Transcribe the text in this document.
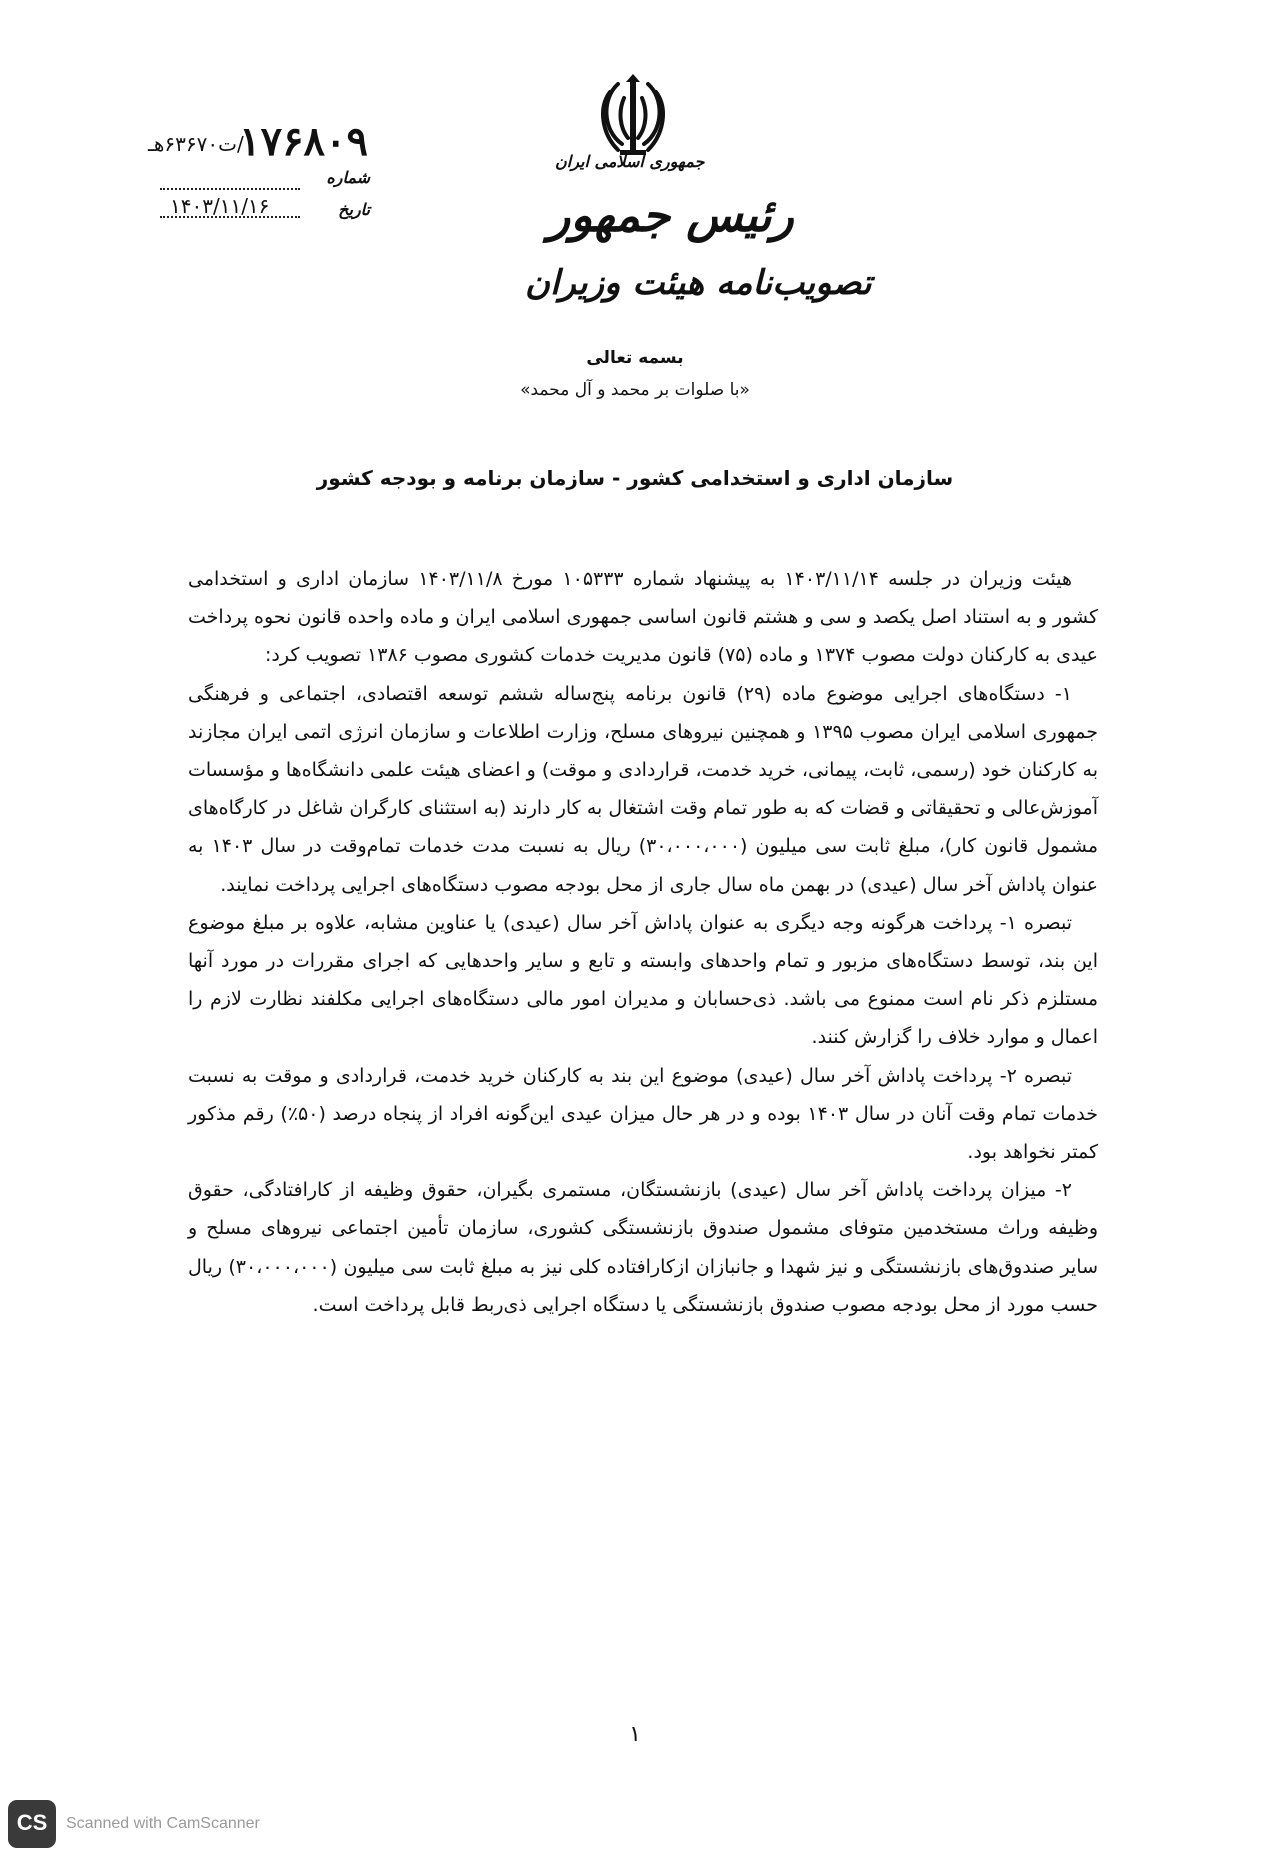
جمهوری اسلامی ایران
رئیس جمهور
تصویب‌نامه هیئت وزیران
۱۷۶۸۰۹
/ت۶۳۶۷۰هـ
شماره
تاریخ
۱۴۰۳/۱۱/۱۶
بسمه تعالی
«با صلوات بر محمد و آل محمد»
سازمان اداری و استخدامی کشور - سازمان برنامه و بودجه کشور

هیئت وزیران در جلسه ۱۴۰۳/۱۱/۱۴ به پیشنهاد شماره ۱۰۵۳۳۳ مورخ ۱۴۰۳/۱۱/۸ سازمان اداری و استخدامی کشور و به استناد اصل یکصد و سی و هشتم قانون اساسی جمهوری اسلامی ایران و ماده واحده قانون نحوه پرداخت عیدی به کارکنان دولت مصوب ۱۳۷۴ و ماده (۷۵) قانون مدیریت خدمات کشوری مصوب ۱۳۸۶ تصویب کرد:

۱- دستگاه‌های اجرایی موضوع ماده (۲۹) قانون برنامه پنج‌ساله ششم توسعه اقتصادی، اجتماعی و فرهنگی جمهوری اسلامی ایران مصوب ۱۳۹۵ و همچنین نیروهای مسلح، وزارت اطلاعات و سازمان انرژی اتمی ایران مجازند به کارکنان خود (رسمی، ثابت، پیمانی، خرید خدمت، قراردادی و موقت) و اعضای هیئت علمی دانشگاه‌ها و مؤسسات آموزش‌عالی و تحقیقاتی و قضات که به طور تمام وقت اشتغال به کار دارند (به استثنای کارگران شاغل در کارگاه‌های مشمول قانون کار)، مبلغ ثابت سی میلیون (۳۰،۰۰۰،۰۰۰) ریال به نسبت مدت خدمات تمام‌وقت در سال ۱۴۰۳ به عنوان پاداش آخر سال (عیدی) در بهمن ماه سال جاری از محل بودجه مصوب دستگاه‌های اجرایی پرداخت نمایند.

تبصره ۱- پرداخت هرگونه وجه دیگری به عنوان پاداش آخر سال (عیدی) یا عناوین مشابه، علاوه بر مبلغ موضوع این بند، توسط دستگاه‌های مزبور و تمام واحدهای وابسته و تابع و سایر واحدهایی که اجرای مقررات در مورد آنها مستلزم ذکر نام است ممنوع می باشد. ذی‌حسابان و مدیران امور مالی دستگاه‌های اجرایی مکلفند نظارت لازم را اعمال و موارد خلاف را گزارش کنند.

تبصره ۲- پرداخت پاداش آخر سال (عیدی) موضوع این بند به کارکنان خرید خدمت، قراردادی و موقت به نسبت خدمات تمام وقت آنان در سال ۱۴۰۳ بوده و در هر حال میزان عیدی این‌گونه افراد از پنجاه درصد (۵۰٪) رقم مذکور کمتر نخواهد بود.

۲- میزان پرداخت پاداش آخر سال (عیدی) بازنشستگان، مستمری بگیران، حقوق وظیفه از کارافتادگی، حقوق وظیفه وراث مستخدمین متوفای مشمول صندوق بازنشستگی کشوری، سازمان تأمین اجتماعی نیروهای مسلح و سایر صندوق‌های بازنشستگی و نیز شهدا و جانبازان ازکارافتاده کلی نیز به مبلغ ثابت سی میلیون (۳۰،۰۰۰،۰۰۰) ریال حسب مورد از محل بودجه مصوب صندوق بازنشستگی یا دستگاه اجرایی ذی‌ربط قابل پرداخت است.

۱
CS	Scanned with CamScanner
